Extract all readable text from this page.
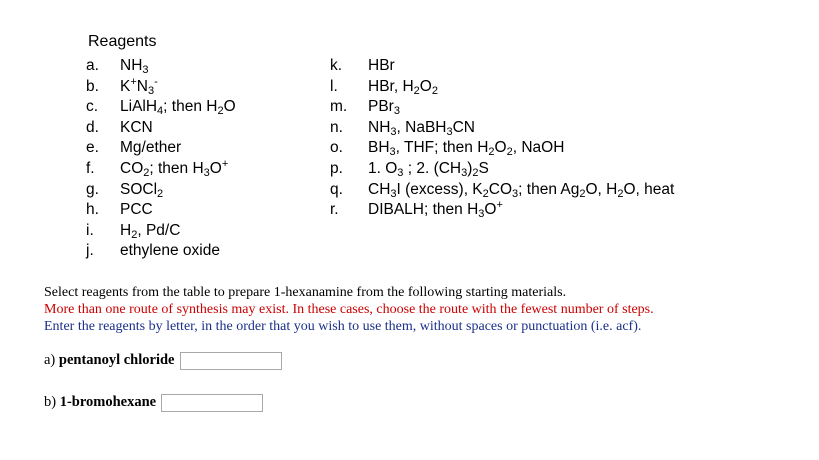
Reagents
a.	$NH_3$
b.	$K^+N_3^-$
c.	LiAlH$_4$; then $H_2O$
d.	KCN
e.	Mg/ether
f.	$CO_2$; then $H_3O^+$
g.	SOCl$_2$
h.	PCC
i.	$H_2$, Pd/C
j.	ethylene oxide
k.	HBr
l.	HBr, $H_2O_2$
m.	PBr$_3$
n.	$NH_3$, NaBH$_3$CN
o.	$BH_3$, THF; then $H_2O_2$, NaOH
p.	1. $O_3$ ; 2. $(CH_3)_2S$
q.	$CH_3I$ (excess), $K_2CO_3$; then $Ag_2O$, $H_2O$, heat
r.	DIBALH; then $H_3O^+$
Select reagents from the table to prepare 1-hexanamine from the following starting materials.
More than one route of synthesis may exist. In these cases, choose the route with the fewest number of steps.
Enter the reagents by letter, in the order that you wish to use them, without spaces or punctuation (i.e. acf).
a) pentanoyl chloride
b) 1-bromohexane
